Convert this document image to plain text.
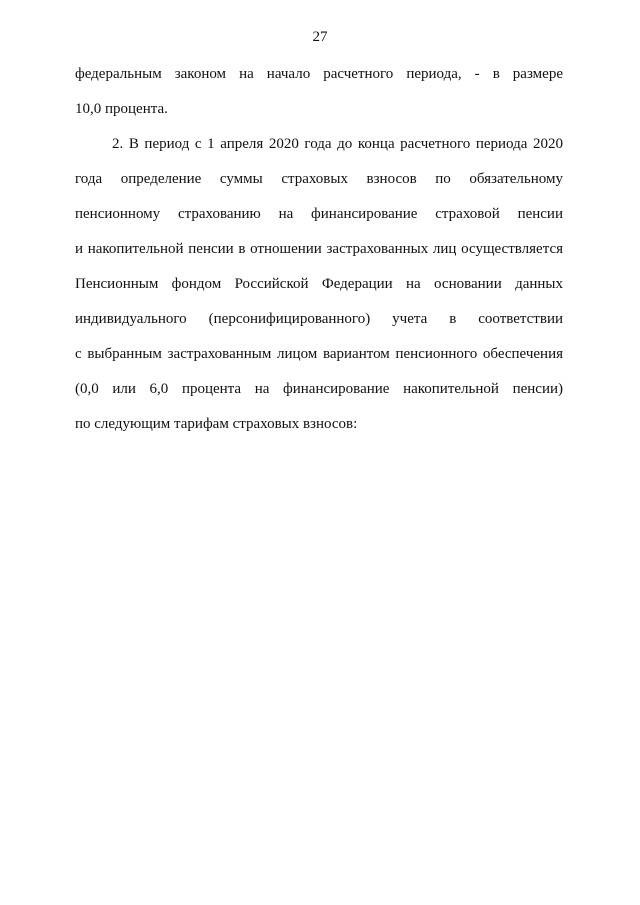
27
федеральным законом на начало расчетного периода, - в размере
10,0 процента.
2. В период с 1 апреля 2020 года до конца расчетного периода 2020
года определение суммы страховых взносов по обязательному
пенсионному страхованию на финансирование страховой пенсии
и накопительной пенсии в отношении застрахованных лиц осуществляется
Пенсионным фондом Российской Федерации на основании данных
индивидуального (персонифицированного) учета в соответствии
с выбранным застрахованным лицом вариантом пенсионного обеспечения
(0,0 или 6,0 процента на финансирование накопительной пенсии)
по следующим тарифам страховых взносов:
